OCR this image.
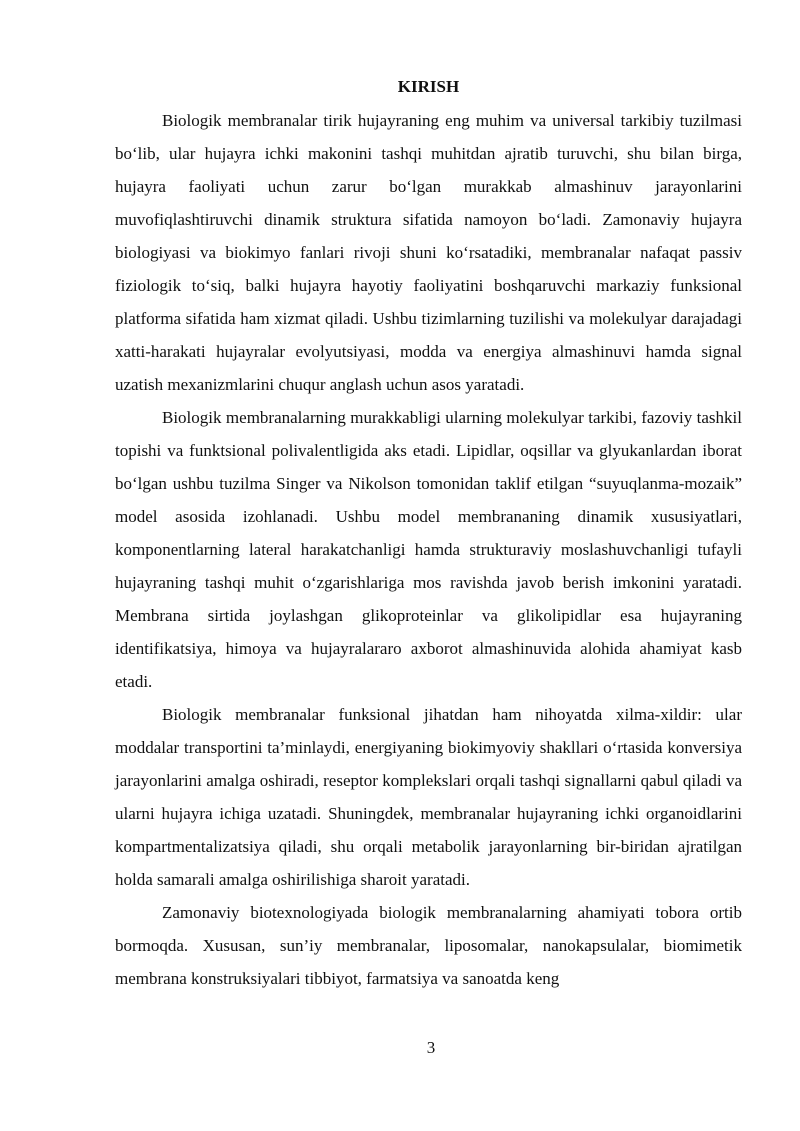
KIRISH

Biologik membranalar tirik hujayraning eng muhim va universal tarkibiy tuzilmasi bo‘lib, ular hujayra ichki makonini tashqi muhitdan ajratib turuvchi, shu bilan birga, hujayra faoliyati uchun zarur bo‘lgan murakkab almashinuv jarayonlarini muvofiqlashtiruvchi dinamik struktura sifatida namoyon bo‘ladi. Zamonaviy hujayra biologiyasi va biokimyo fanlari rivoji shuni ko‘rsatadiki, membranalar nafaqat passiv fiziologik to‘siq, balki hujayra hayotiy faoliyatini boshqaruvchi markaziy funksional platforma sifatida ham xizmat qiladi. Ushbu tizimlarning tuzilishi va molekulyar darajadagi xatti-harakati hujayralar evolyutsiyasi, modda va energiya almashinuvi hamda signal uzatish mexanizmlarini chuqur anglash uchun asos yaratadi.

Biologik membranalarning murakkabligi ularning molekulyar tarkibi, fazoviy tashkil topishi va funktsional polivalentligida aks etadi. Lipidlar, oqsillar va glyukanlardan iborat bo‘lgan ushbu tuzilma Singer va Nikolson tomonidan taklif etilgan “suyuqlanma-mozaik” model asosida izohlanadi. Ushbu model membrananing dinamik xususiyatlari, komponentlarning lateral harakatchanligi hamda strukturaviy moslashuvchanligi tufayli hujayraning tashqi muhit o‘zgarishlariga mos ravishda javob berish imkonini yaratadi. Membrana sirtida joylashgan glikoproteinlar va glikolipidlar esa hujayraning identifikatsiya, himoya va hujayralararo axborot almashinuvida alohida ahamiyat kasb etadi.

Biologik membranalar funksional jihatdan ham nihoyatda xilma-xildir: ular moddalar transportini ta’minlaydi, energiyaning biokimyoviy shakllari o‘rtasida konversiya jarayonlarini amalga oshiradi, reseptor komplekslari orqali tashqi signallarni qabul qiladi va ularni hujayra ichiga uzatadi. Shuningdek, membranalar hujayraning ichki organoidlarini kompartmentalizatsiya qiladi, shu orqali metabolik jarayonlarning bir-biridan ajratilgan holda samarali amalga oshirilishiga sharoit yaratadi.

Zamonaviy biotexnologiyada biologik membranalarning ahamiyati tobora ortib bormoqda. Xususan, sun’iy membranalar, liposomalar, nanokapsulalar, biomimetik membrana konstruksiyalari tibbiyot, farmatsiya va sanoatda keng

3
